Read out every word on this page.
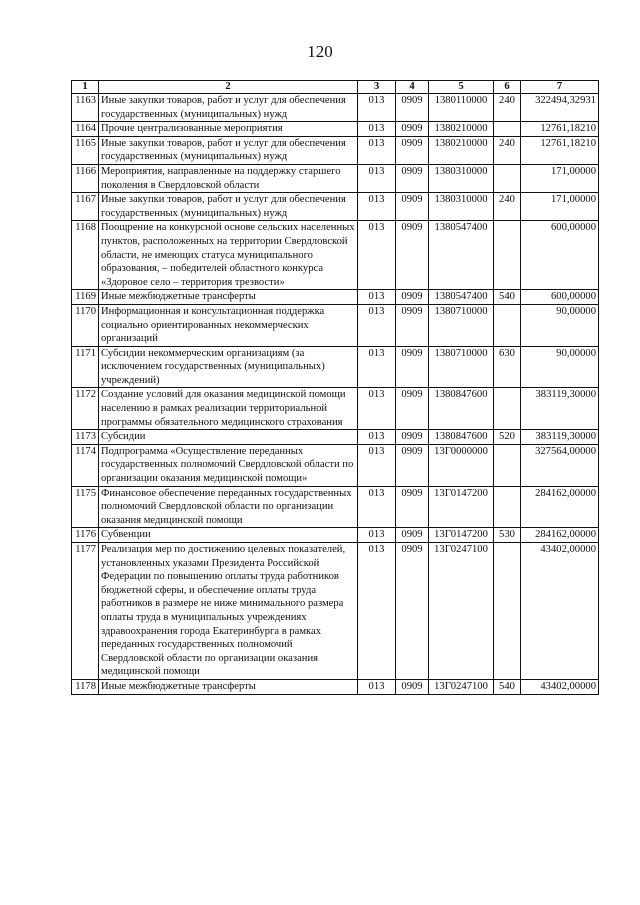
120
1	2	3	4	5	6	7
1163	Иные закупки товаров, работ и услуг для обеспечения государственных (муниципальных) нужд	013	0909	1380110000	240	322494,32931
1164	Прочие централизованные мероприятия	013	0909	1380210000		12761,18210
1165	Иные закупки товаров, работ и услуг для обеспечения государственных (муниципальных) нужд	013	0909	1380210000	240	12761,18210
1166	Мероприятия, направленные на поддержку старшего поколения в Свердловской области	013	0909	1380310000		171,00000
1167	Иные закупки товаров, работ и услуг для обеспечения государственных (муниципальных) нужд	013	0909	1380310000	240	171,00000
1168	Поощрение на конкурсной основе сельских населенных пунктов, расположенных на территории Свердловской области, не имеющих статуса муниципального образования, – победителей областного конкурса «Здоровое село – территория трезвости»	013	0909	1380547400		600,00000
1169	Иные межбюджетные трансферты	013	0909	1380547400	540	600,00000
1170	Информационная и консультационная поддержка социально ориентированных некоммерческих организаций	013	0909	1380710000		90,00000
1171	Субсидии некоммерческим организациям (за исключением государственных (муниципальных) учреждений)	013	0909	1380710000	630	90,00000
1172	Создание условий для оказания медицинской помощи населению в рамках реализации территориальной программы обязательного медицинского страхования	013	0909	1380847600		383119,30000
1173	Субсидии	013	0909	1380847600	520	383119,30000
1174	Подпрограмма «Осуществление переданных государственных полномочий Свердловской области по организации оказания медицинской помощи»	013	0909	13Г0000000		327564,00000
1175	Финансовое обеспечение переданных государственных полномочий Свердловской области по организации оказания медицинской помощи	013	0909	13Г0147200		284162,00000
1176	Субвенции	013	0909	13Г0147200	530	284162,00000
1177	Реализация мер по достижению целевых показателей, установленных указами Президента Российской Федерации по повышению оплаты труда работников бюджетной сферы, и обеспечение оплаты труда работников в размере не ниже минимального размера оплаты труда в муниципальных учреждениях здравоохранения города Екатеринбурга в рамках переданных государственных полномочий Свердловской области по организации оказания медицинской помощи	013	0909	13Г0247100		43402,00000
1178	Иные межбюджетные трансферты	013	0909	13Г0247100	540	43402,00000
